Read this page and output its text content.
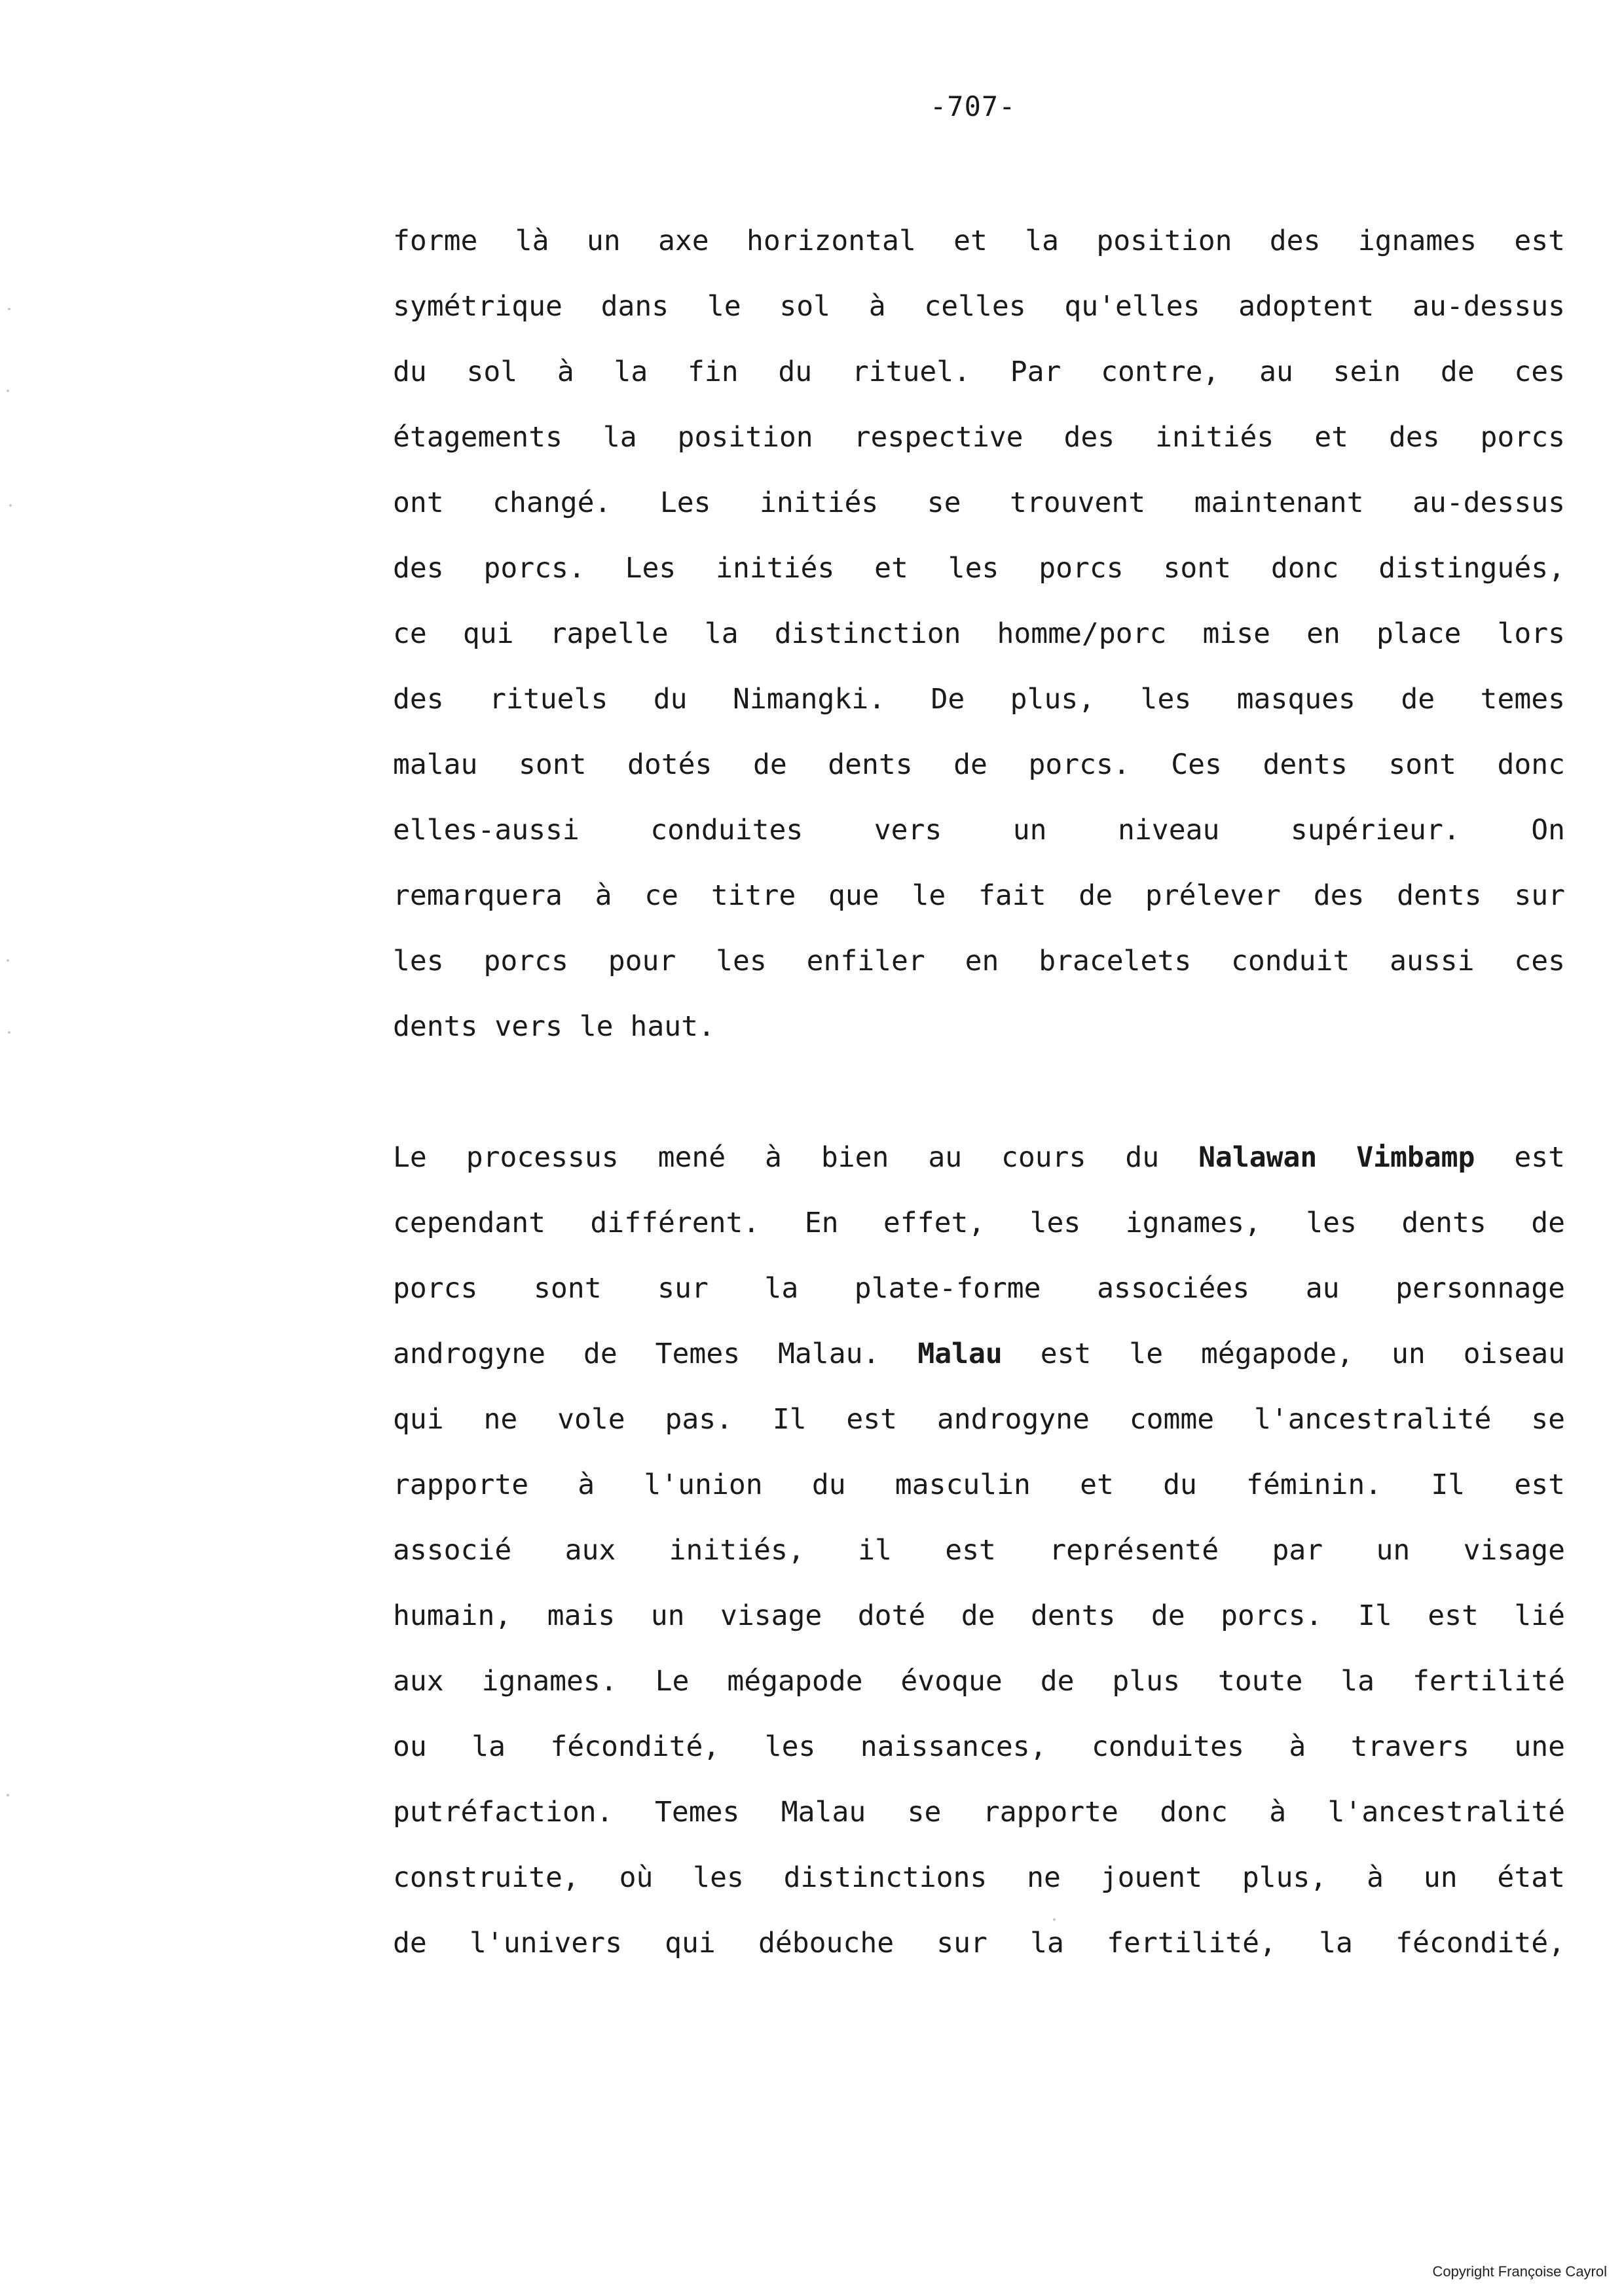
-707-
forme là un axe horizontal et la position des ignames est
symétrique dans le sol à celles qu'elles adoptent au-dessus
du sol à la fin du rituel. Par contre, au sein de ces
étagements la position respective des initiés et des porcs
ont changé. Les initiés se trouvent maintenant au-dessus
des porcs. Les initiés et les porcs sont donc distingués,
ce qui rapelle la distinction homme/porc mise en place lors
des rituels du Nimangki. De plus, les masques de temes
malau sont dotés de dents de porcs. Ces dents sont donc
elles-aussi conduites vers un niveau supérieur. On
remarquera à ce titre que le fait de prélever des dents sur
les porcs pour les enfiler en bracelets conduit aussi ces
dents vers le haut.
Le processus mené à bien au cours du Nalawan Vimbamp est
cependant différent. En effet, les ignames, les dents de
porcs sont sur la plate-forme associées au personnage
androgyne de Temes Malau. Malau est le mégapode, un oiseau
qui ne vole pas. Il est androgyne comme l'ancestralité se
rapporte à l'union du masculin et du féminin. Il est
associé aux initiés, il est représenté par un visage
humain, mais un visage doté de dents de porcs. Il est lié
aux ignames. Le mégapode évoque de plus toute la fertilité
ou la fécondité, les naissances, conduites à travers une
putréfaction. Temes Malau se rapporte donc à l'ancestralité
construite, où les distinctions ne jouent plus, à un état
de l'univers qui débouche sur la fertilité, la fécondité,
Copyright Françoise Cayrol
